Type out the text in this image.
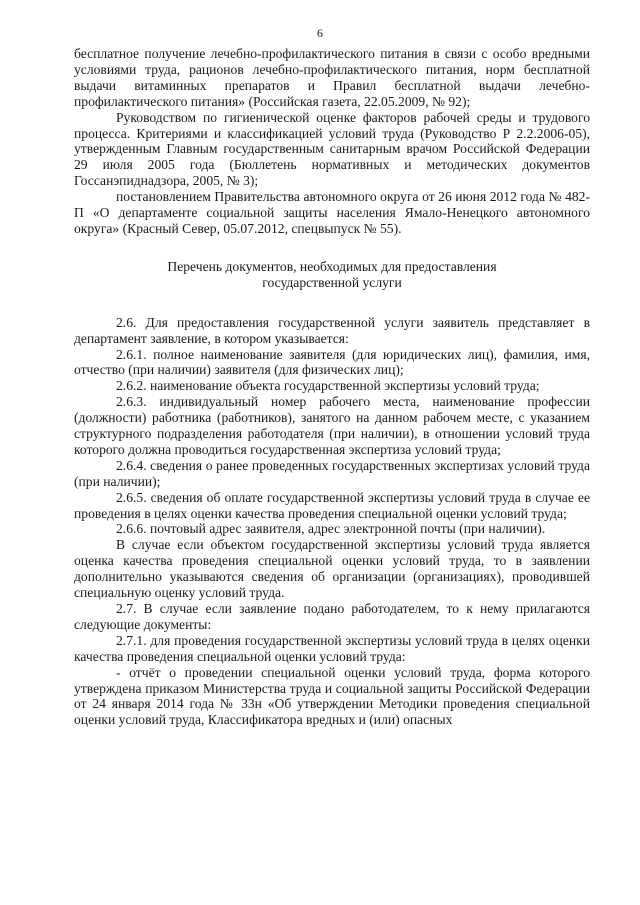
6

бесплатное получение лечебно-профилактического питания в связи с особо вредными условиями труда, рационов лечебно-профилактического питания, норм бесплатной выдачи витаминных препаратов и Правил бесплатной выдачи лечебно-профилактического питания» (Российская газета, 22.05.2009, № 92);

Руководством по гигиенической оценке факторов рабочей среды и трудового процесса. Критериями и классификацией условий труда (Руководство Р 2.2.2006-05), утвержденным Главным государственным санитарным врачом Российской Федерации 29 июля 2005 года (Бюллетень нормативных и методических документов Госсанэпиднадзора, 2005, № 3);

постановлением Правительства автономного округа от 26 июня 2012 года № 482-П «О департаменте социальной защиты населения Ямало-Ненецкого автономного округа» (Красный Север, 05.07.2012, спецвыпуск № 55).

Перечень документов, необходимых для предоставления
государственной услуги

2.6. Для предоставления государственной услуги заявитель представляет в департамент заявление, в котором указывается:

2.6.1. полное наименование заявителя (для юридических лиц), фамилия, имя, отчество (при наличии) заявителя (для физических лиц);

2.6.2. наименование объекта государственной экспертизы условий труда;

2.6.3. индивидуальный номер рабочего места, наименование профессии (должности) работника (работников), занятого на данном рабочем месте, с указанием структурного подразделения работодателя (при наличии), в отношении условий труда которого должна проводиться государственная экспертиза условий труда;

2.6.4. сведения о ранее проведенных государственных экспертизах условий труда (при наличии);

2.6.5. сведения об оплате государственной экспертизы условий труда в случае ее проведения в целях оценки качества проведения специальной оценки условий труда;

2.6.6. почтовый адрес заявителя, адрес электронной почты (при наличии).

В случае если объектом государственной экспертизы условий труда является оценка качества проведения специальной оценки условий труда, то в заявлении дополнительно указываются сведения об организации (организациях), проводившей специальную оценку условий труда.

2.7. В случае если заявление подано работодателем, то к нему прилагаются следующие документы:

2.7.1. для проведения государственной экспертизы условий труда в целях оценки качества проведения специальной оценки условий труда:

- отчёт о проведении специальной оценки условий труда, форма которого утверждена приказом Министерства труда и социальной защиты Российской Федерации от 24 января 2014 года № 33н «Об утверждении Методики проведения специальной оценки условий труда, Классификатора вредных и (или) опасных
